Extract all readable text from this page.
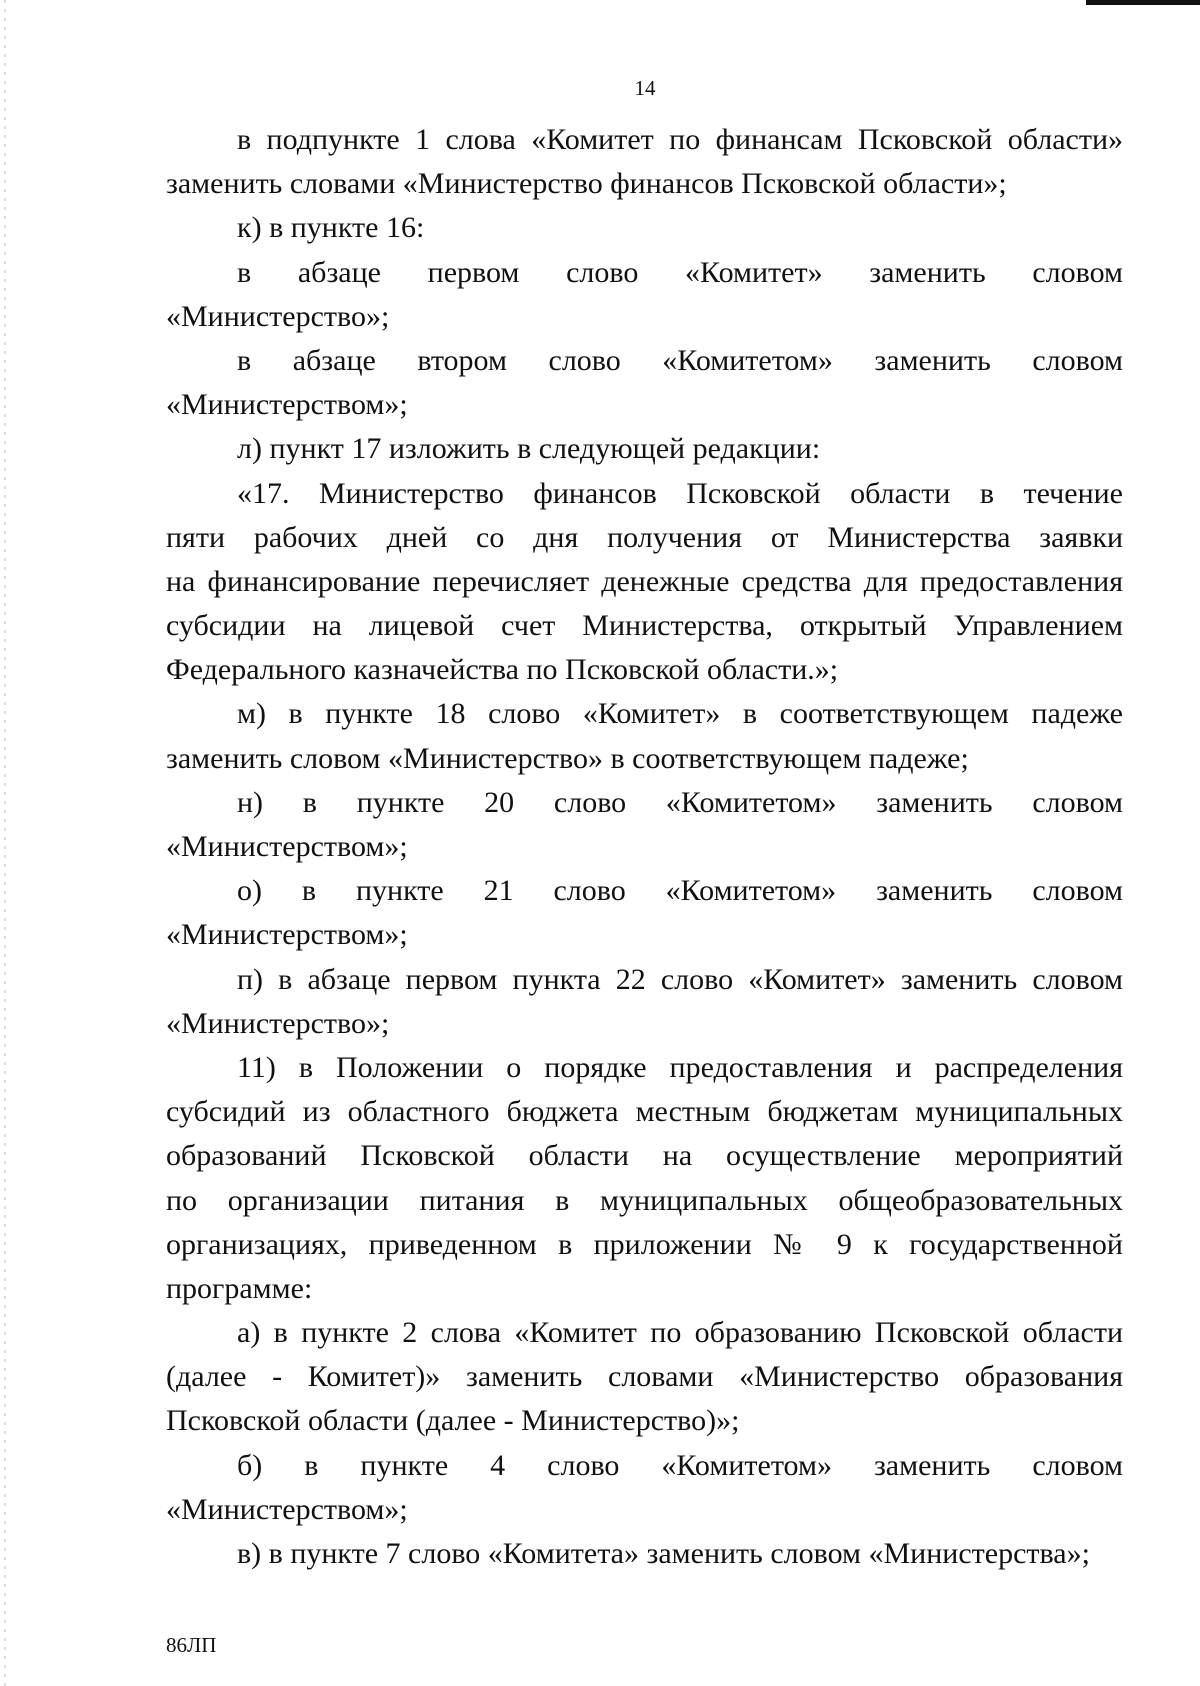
14
в подпункте 1 слова «Комитет по финансам Псковской области»
заменить словами «Министерство финансов Псковской области»;
к) в пункте 16:
в абзаце первом слово «Комитет» заменить словом
«Министерство»;
в абзаце втором слово «Комитетом» заменить словом
«Министерством»;
л) пункт 17 изложить в следующей редакции:
«17. Министерство финансов Псковской области в течение
пяти рабочих дней со дня получения от Министерства заявки
на финансирование перечисляет денежные средства для предоставления
субсидии на лицевой счет Министерства, открытый Управлением
Федерального казначейства по Псковской области.»;
м) в пункте 18 слово «Комитет» в соответствующем падеже
заменить словом «Министерство» в соответствующем падеже;
н) в пункте 20 слово «Комитетом» заменить словом
«Министерством»;
о) в пункте 21 слово «Комитетом» заменить словом
«Министерством»;
п) в абзаце первом пункта 22 слово «Комитет» заменить словом
«Министерство»;
11) в Положении о порядке предоставления и распределения
субсидий из областного бюджета местным бюджетам муниципальных
образований Псковской области на осуществление мероприятий
по организации питания в муниципальных общеобразовательных
организациях, приведенном в приложении № 9 к государственной
программе:
а) в пункте 2 слова «Комитет по образованию Псковской области
(далее - Комитет)» заменить словами «Министерство образования
Псковской области (далее - Министерство)»;
б) в пункте 4 слово «Комитетом» заменить словом
«Министерством»;
в) в пункте 7 слово «Комитета» заменить словом «Министерства»;
86ЛП
